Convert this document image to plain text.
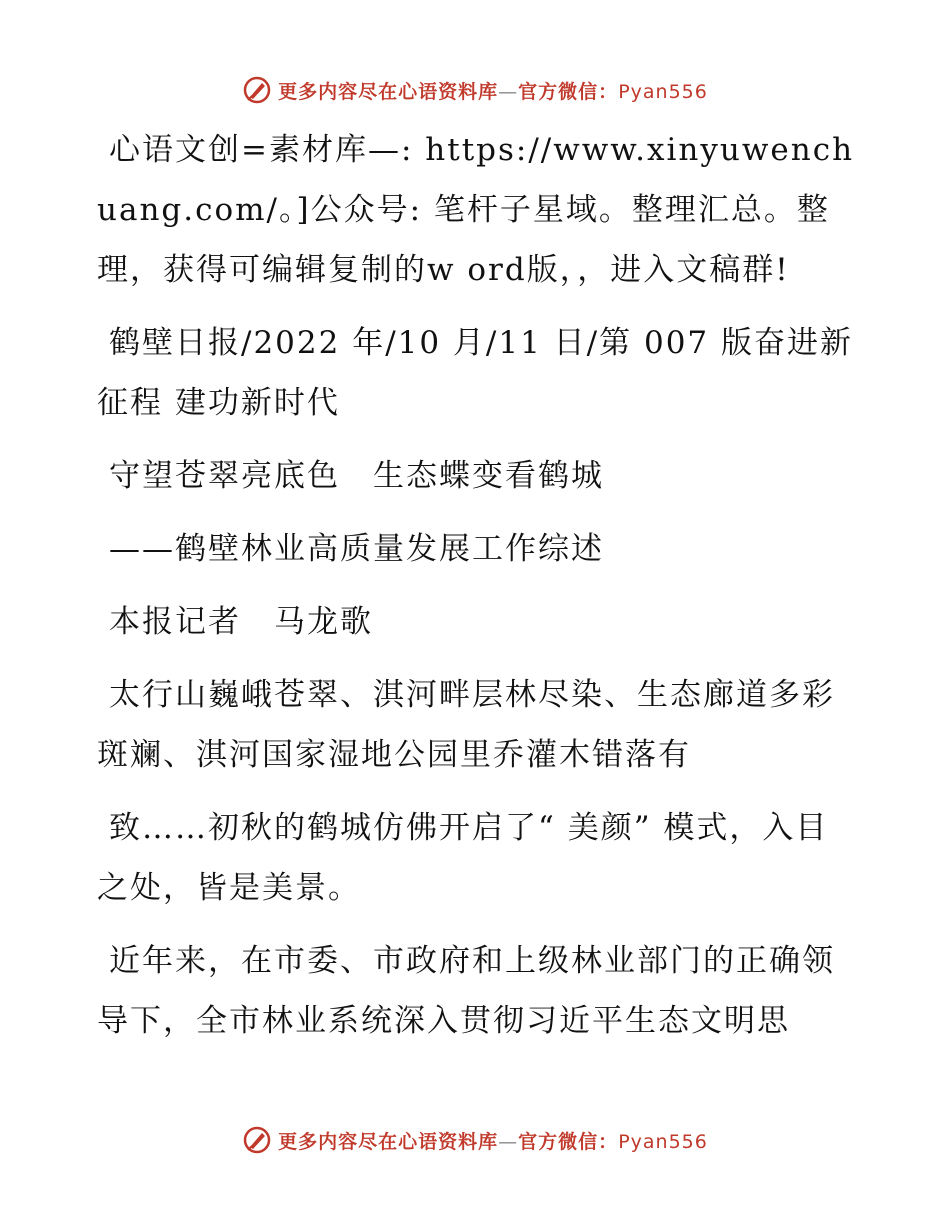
更多内容尽在心语资料库—官方微信：Pyan556

心语文创=素材库—: https://www.xinyuwenchuang.com/。]公众号: 笔杆子星域。整理汇总。整理，获得可编辑复制的w ord版，，进入文稿群!

鹤壁日报/2022 年/10 月/11 日/第 007 版奋进新征程 建功新时代

守望苍翠亮底色　生态蝶变看鹤城

——鹤壁林业高质量发展工作综述

本报记者　马龙歌

太行山巍峨苍翠、淇河畔层林尽染、生态廊道多彩斑斓、淇河国家湿地公园里乔灌木错落有

致……初秋的鹤城仿佛开启了“ 美颜” 模式，入目之处，皆是美景。

近年来，在市委、市政府和上级林业部门的正确领导下，全市林业系统深入贯彻习近平生态文明思

更多内容尽在心语资料库—官方微信：Pyan556
